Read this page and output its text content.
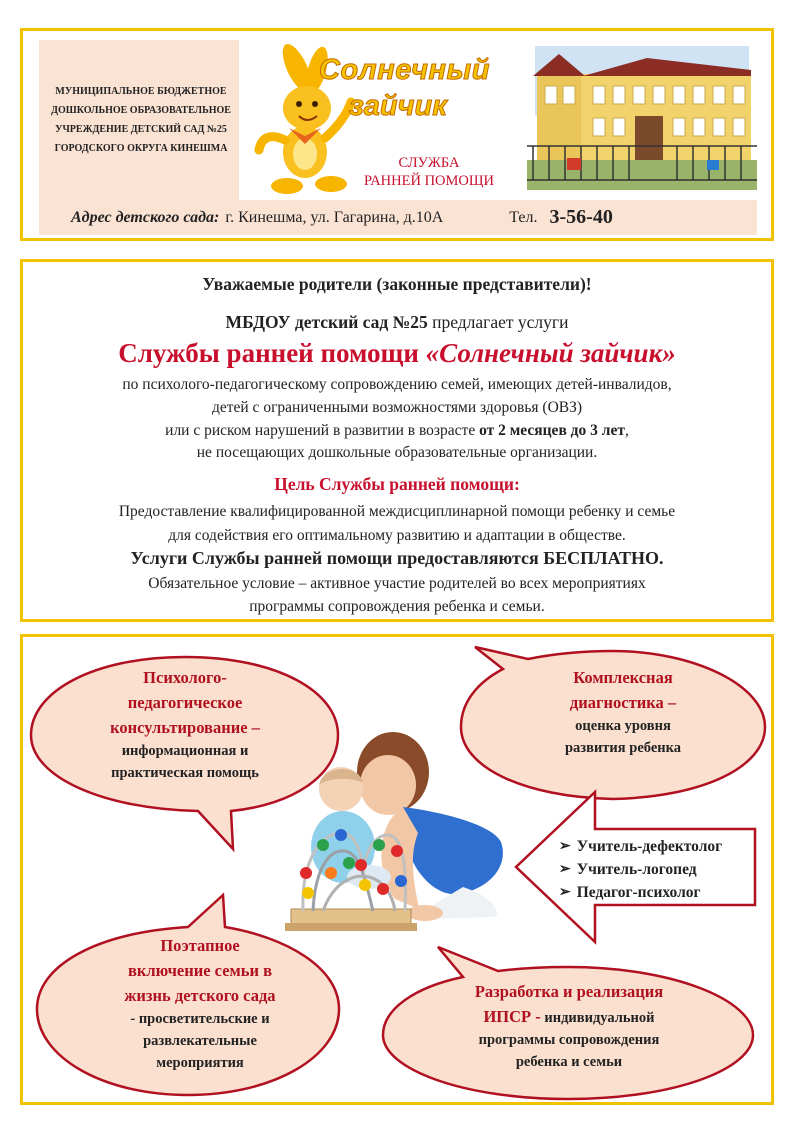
МУНИЦИПАЛЬНОЕ БЮДЖЕТНОЕ ДОШКОЛЬНОЕ ОБРАЗОВАТЕЛЬНОЕ УЧРЕЖДЕНИЕ ДЕТСКИЙ САД №25 ГОРОДСКОГО ОКРУГА КИНЕШМА
Солнечный
зайчик
СЛУЖБА
РАННЕЙ ПОМОЩИ
Адрес детского сада: г. Кинешма, ул. Гагарина, д.10А	Тел. 3-56-40
Уважаемые родители (законные представители)!
МБДОУ детский сад №25 предлагает услуги
Службы ранней помощи «Солнечный зайчик»
по психолого-педагогическому сопровождению семей, имеющих детей-инвалидов,
детей с ограниченными возможностями здоровья (ОВЗ)
или с риском нарушений в развитии в возрасте от 2 месяцев до 3 лет,
не посещающих дошкольные образовательные организации.
Цель Службы ранней помощи:
Предоставление квалифицированной междисциплинарной помощи ребенку и семье
для содействия его оптимальному развитию и адаптации в обществе.
Услуги Службы ранней помощи предоставляются БЕСПЛАТНО.
Обязательное условие – активное участие родителей во всех мероприятиях
программы сопровождения ребенка и семьи.
Психолого-
педагогическое
консультирование –
информационная и
практическая помощь
Комплексная
диагностика –
оценка уровня
развития ребенка
Поэтапное
включение семьи в
жизнь детского сада
- просветительские и
развлекательные
мероприятия
Разработка и реализация
ИПСР - индивидуальной
программы сопровождения
ребенка и семьи
➢ Учитель-дефектолог
➢ Учитель-логопед
➢ Педагог-психолог
